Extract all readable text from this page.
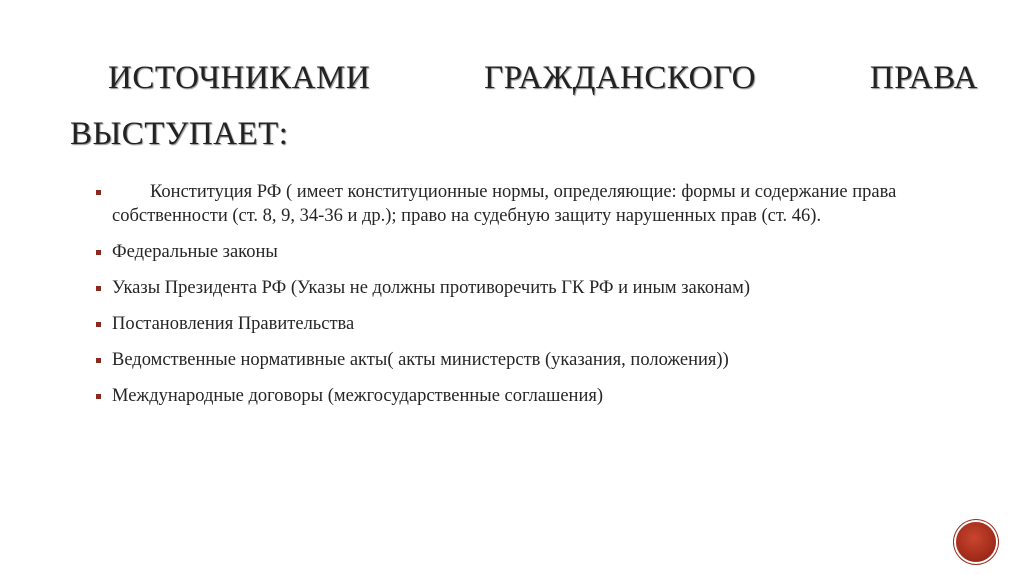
ИСТОЧНИКАМИ	ГРАЖДАНСКОГО	ПРАВА
ВЫСТУПАЕТ:
Конституция РФ ( имеет конституционные нормы, определяющие: формы и содержание права собственности (ст. 8, 9, 34-36 и др.); право на судебную защиту нарушенных прав (ст. 46).
Федеральные законы
Указы Президента РФ (Указы не должны противоречить ГК РФ и иным законам)
Постановления Правительства
Ведомственные нормативные акты( акты министерств (указания, положения))
Международные договоры (межгосударственные соглашения)
